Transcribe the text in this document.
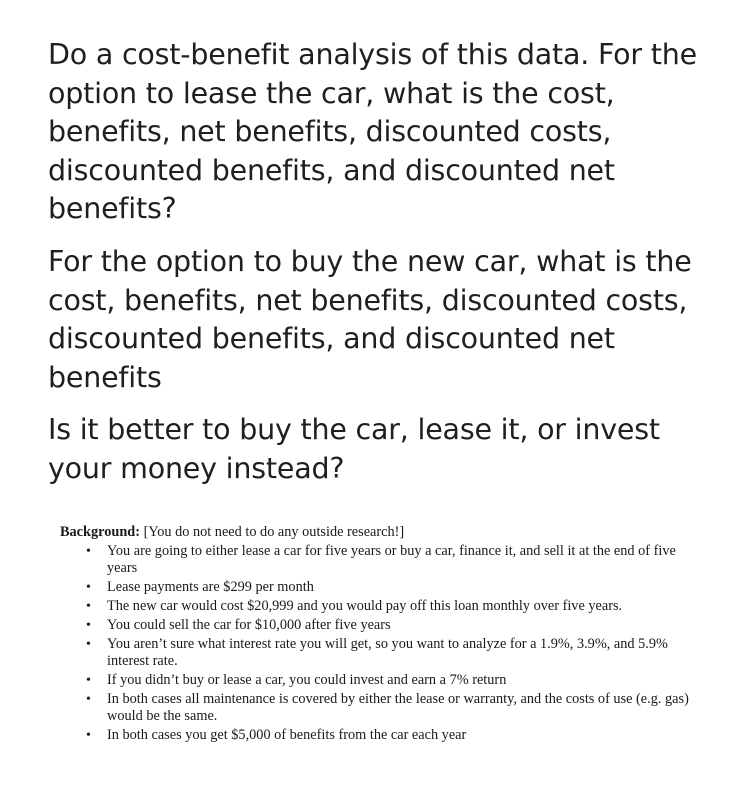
Do a cost-benefit analysis of this data. For the option to lease the car, what is the cost, benefits, net benefits, discounted costs, discounted benefits, and discounted net benefits?

For the option to buy the new car, what is the cost, benefits, net benefits, discounted costs, discounted benefits, and discounted net benefits

Is it better to buy the car, lease it, or invest your money instead?

Background: [You do not need to do any outside research!]
• You are going to either lease a car for five years or buy a car, finance it, and sell it at the end of five years
• Lease payments are $299 per month
• The new car would cost $20,999 and you would pay off this loan monthly over five years.
• You could sell the car for $10,000 after five years
• You aren’t sure what interest rate you will get, so you want to analyze for a 1.9%, 3.9%, and 5.9% interest rate.
• If you didn’t buy or lease a car, you could invest and earn a 7% return
• In both cases all maintenance is covered by either the lease or warranty, and the costs of use (e.g. gas) would be the same.
• In both cases you get $5,000 of benefits from the car each year
